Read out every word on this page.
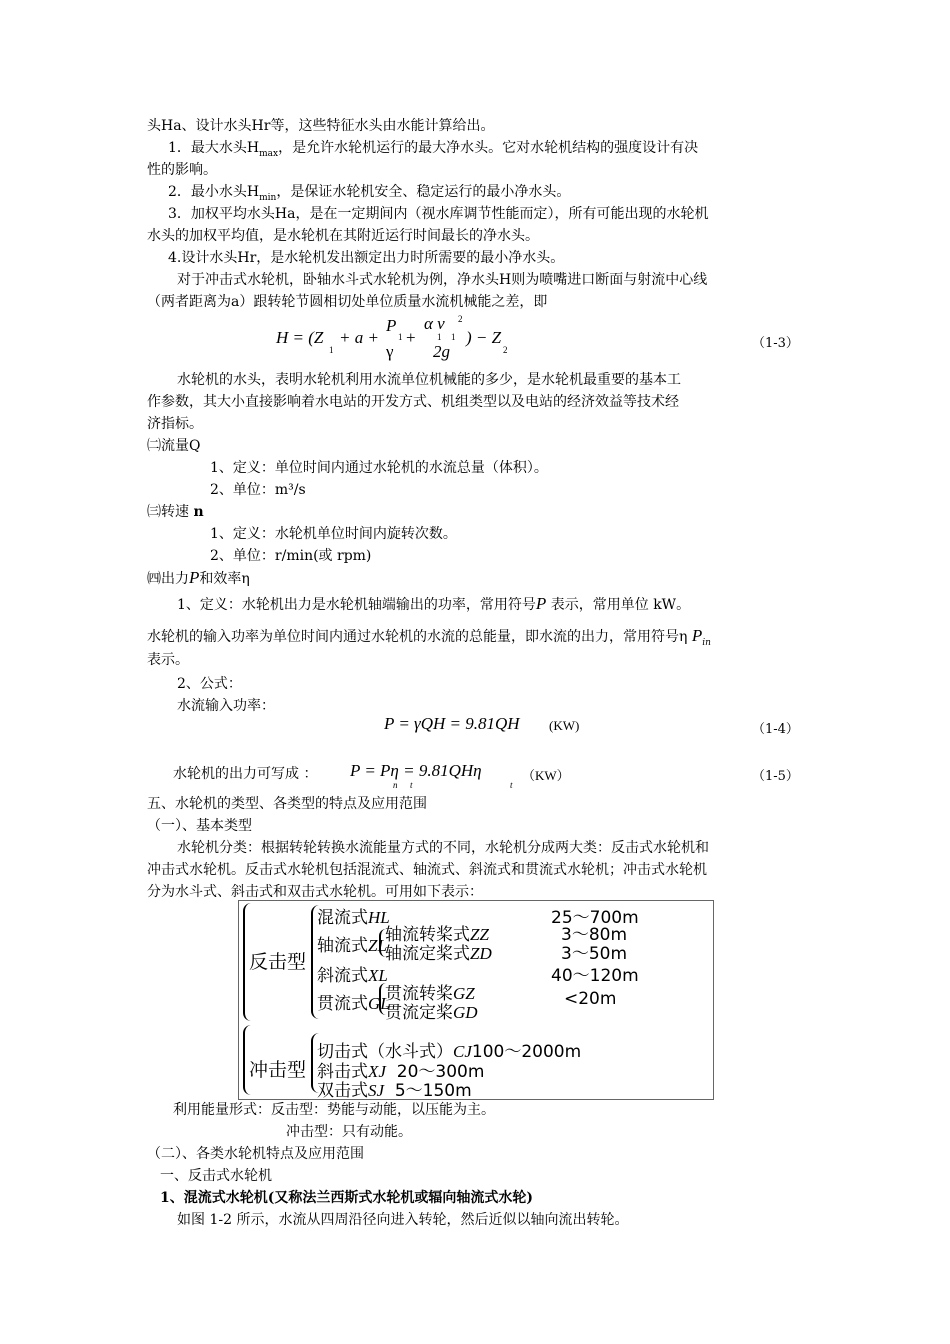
头Ha、设计水头Hr等，这些特征水头由水能计算给出。
1．最大水头$H_{max}$，是允许水轮机运行的最大净水头。它对水轮机结构的强度设计有决
性的影响。
2．最小水头$H_{min}$，是保证水轮机安全、稳定运行的最小净水头。
3．加权平均水头Ha，是在一定期间内（视水库调节性能而定），所有可能出现的水轮机
水头的加权平均值，是水轮机在其附近运行时间最长的净水头。
4.设计水头Hr，是水轮机发出额定出力时所需要的最小净水头。
对于冲击式水轮机，卧轴水斗式水轮机为例，净水头H则为喷嘴进口断面与射流中心线
（两者距离为a）跟转轮节圆相切处单位质量水流机械能之差，即
H = (Z
1
+ a +
P
1
γ
+
α v 2
1 1
2g
) − Z
2	（1-3）
水轮机的水头，表明水轮机利用水流单位机械能的多少，是水轮机最重要的基本工
作参数，其大小直接影响着水电站的开发方式、机组类型以及电站的经济效益等技术经
济指标。
㈡流量Q
1、定义：单位时间内通过水轮机的水流总量（体积）。
2、单位：m³/s
㈢转速 n
1、定义：水轮机单位时间内旋转次数。
2、单位：r/min(或 rpm)
㈣出力P和效率η
1、定义：水轮机出力是水轮机轴端输出的功率，常用符号P 表示，常用单位 kW。
水轮机的输入功率为单位时间内通过水轮机的水流的总能量，即水流的出力，常用符号η $P_{in}$
表示。
2、公式：
水流输入功率：
P = γQH = 9.81QH (KW)	（1-4）
水轮机的出力可写成 ： P = Pη = 9.81QHη
n t	t
（KW）	（1-5）
五、水轮机的类型、各类型的特点及应用范围
（一）、基本类型
水轮机分类：根据转轮转换水流能量方式的不同，水轮机分成两大类：反击式水轮机和
冲击式水轮机。反击式水轮机包括混流式、轴流式、斜流式和贯流式水轮机；冲击式水轮机
分为水斗式、斜击式和双击式水轮机。可用如下表示：
反击型
冲击型
混流式HL	25～700m
轴流式ZL
轴流转桨式ZZ	3～80m
轴流定桨式ZD	3～50m
斜流式XL	40～120m
贯流式GL
贯流转桨GZ
贯流定桨GD
<20m
切击式（水斗式）CJ100～2000m
斜击式XJ 20～300m
双击式SJ 5～150m
利用能量形式：反击型：势能与动能，以压能为主。
冲击型：只有动能。
（二）、各类水轮机特点及应用范围
一、反击式水轮机
1、混流式水轮机(又称法兰西斯式水轮机或辐向轴流式水轮)
如图 1-2 所示，水流从四周沿径向进入转轮，然后近似以轴向流出转轮。
